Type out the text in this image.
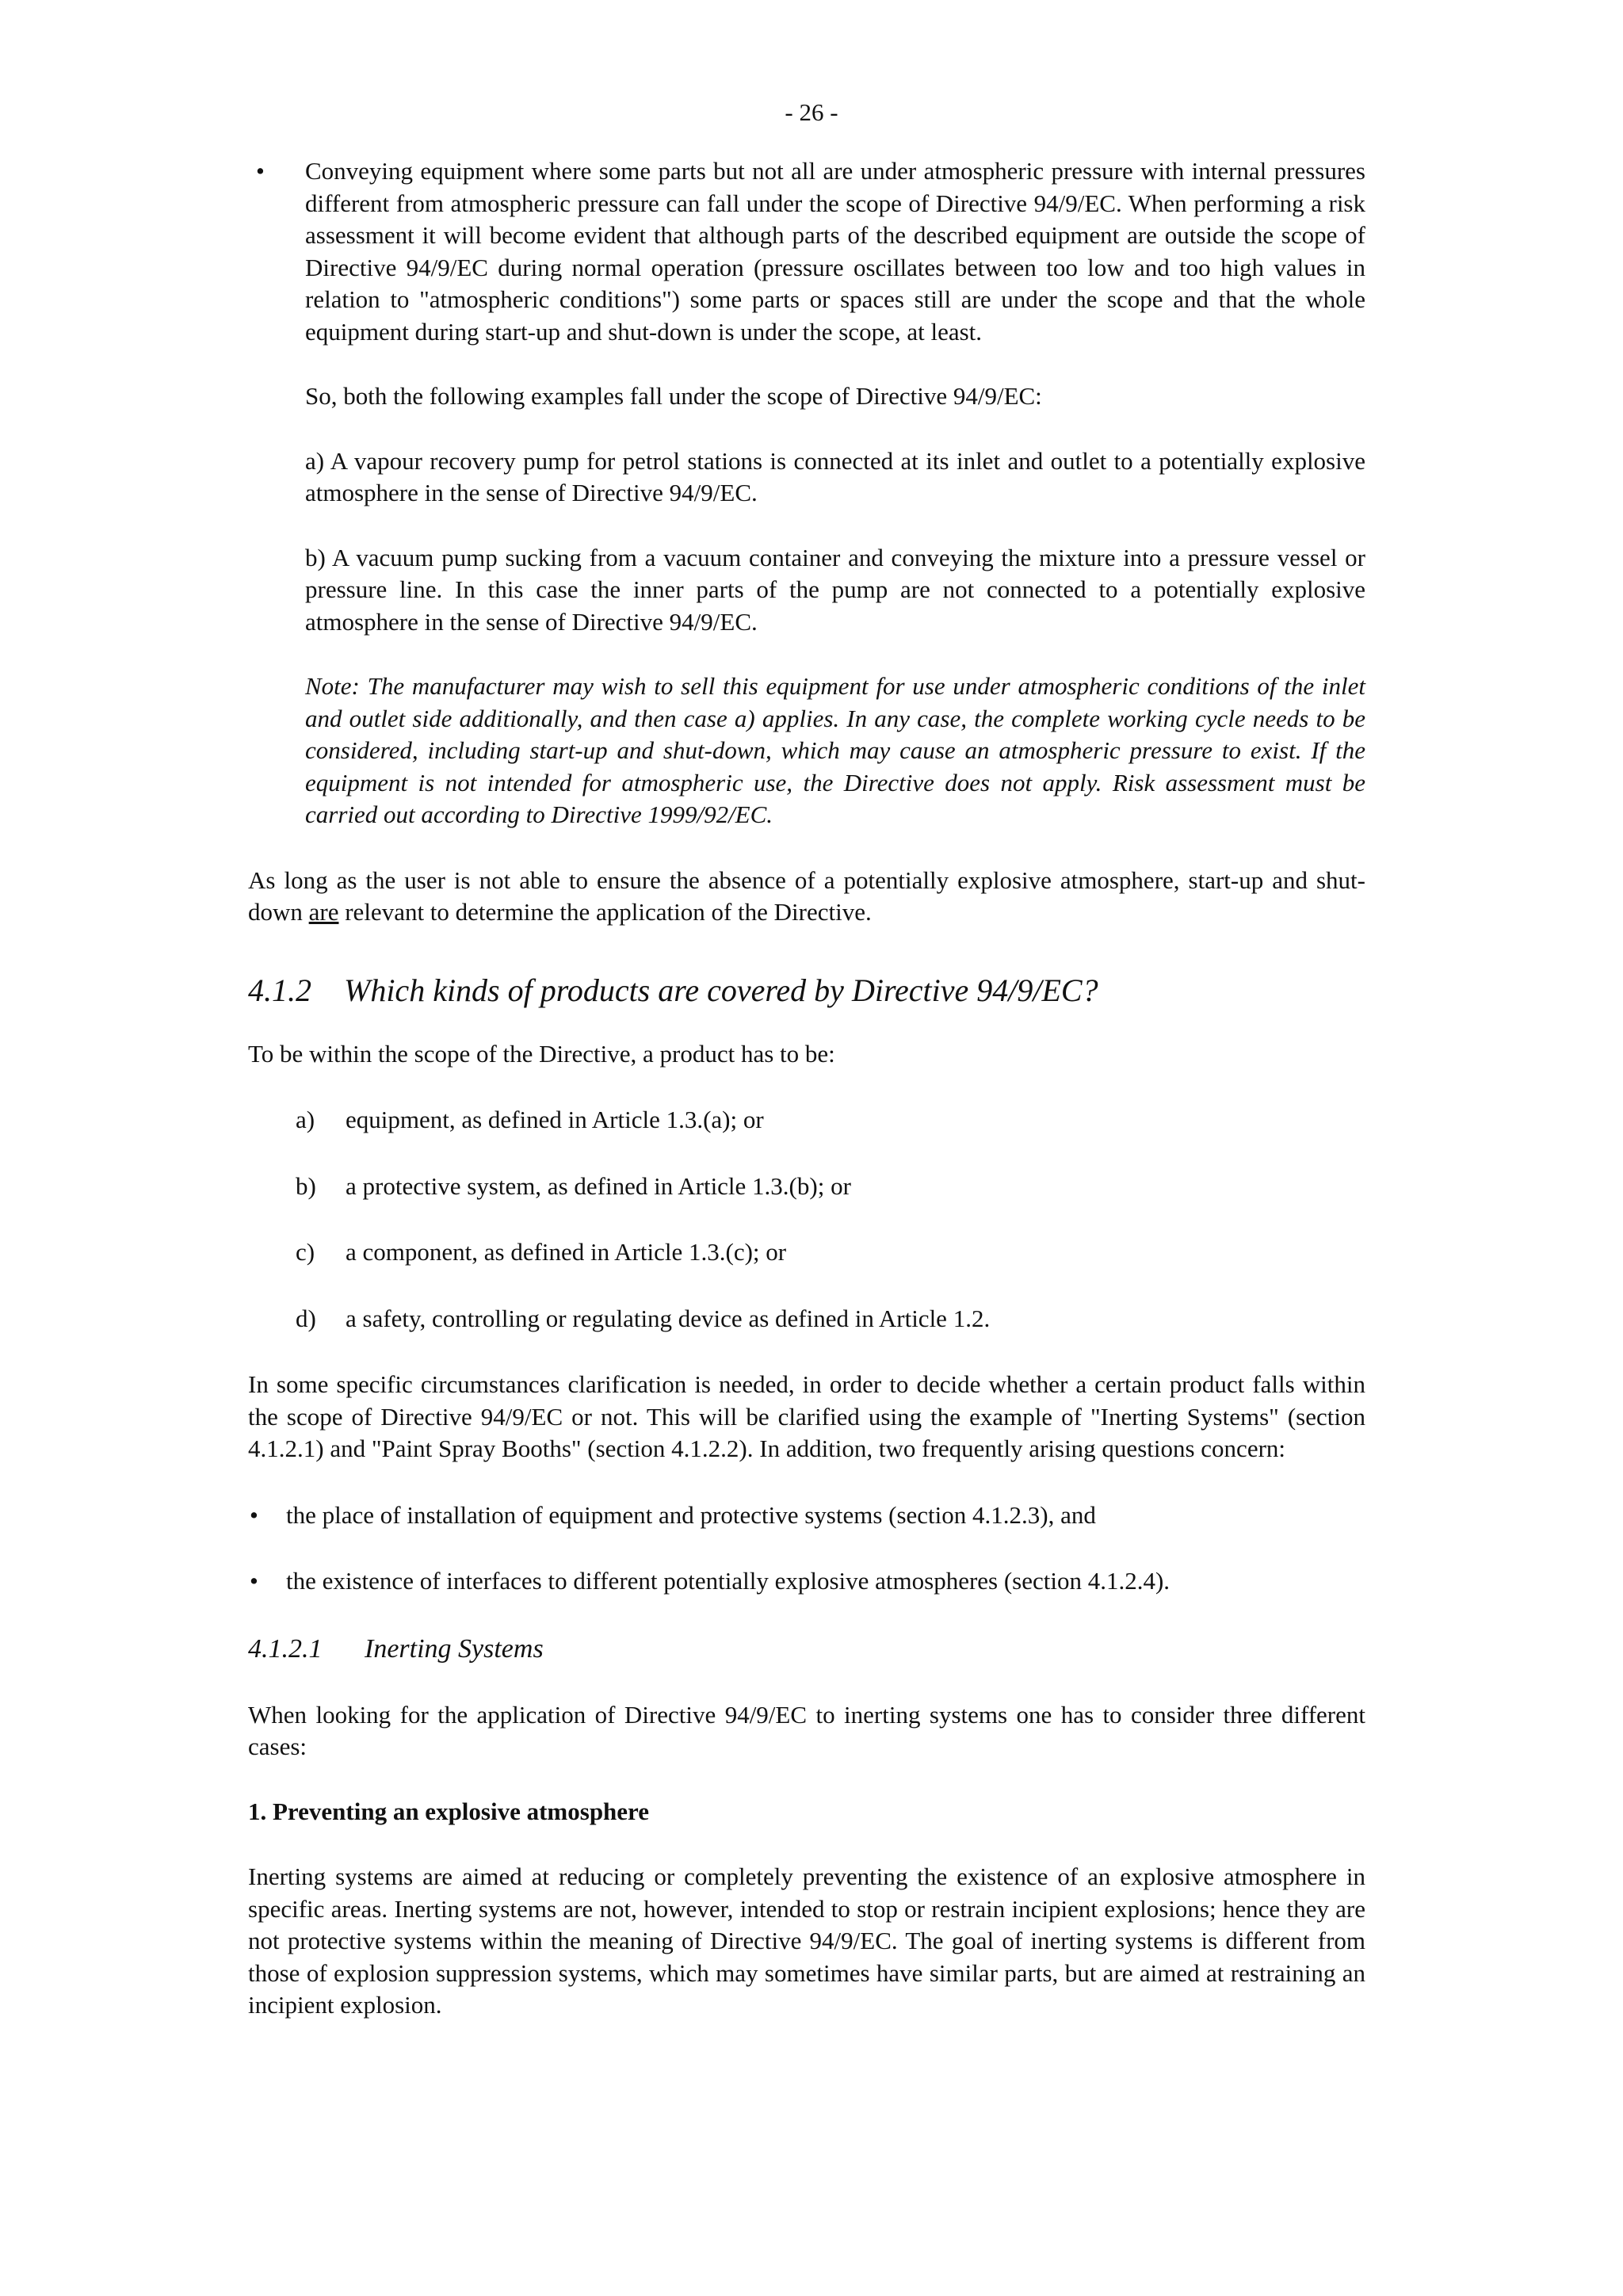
- 26 -
• Conveying equipment where some parts but not all are under atmospheric pressure with internal pressures different from atmospheric pressure can fall under the scope of Directive 94/9/EC. When performing a risk assessment it will become evident that although parts of the described equipment are outside the scope of Directive 94/9/EC during normal operation (pressure oscillates between too low and too high values in relation to "atmospheric conditions") some parts or spaces still are under the scope and that the whole equipment during start-up and shut-down is under the scope, at least.

So, both the following examples fall under the scope of Directive 94/9/EC:

a) A vapour recovery pump for petrol stations is connected at its inlet and outlet to a potentially explosive atmosphere in the sense of Directive 94/9/EC.

b) A vacuum pump sucking from a vacuum container and conveying the mixture into a pressure vessel or pressure line. In this case the inner parts of the pump are not connected to a potentially explosive atmosphere in the sense of Directive 94/9/EC.

Note: The manufacturer may wish to sell this equipment for use under atmospheric conditions of the inlet and outlet side additionally, and then case a) applies. In any case, the complete working cycle needs to be considered, including start-up and shut-down, which may cause an atmospheric pressure to exist. If the equipment is not intended for atmospheric use, the Directive does not apply. Risk assessment must be carried out according to Directive 1999/92/EC.

As long as the user is not able to ensure the absence of a potentially explosive atmosphere, start-up and shut-down are relevant to determine the application of the Directive.

4.1.2 Which kinds of products are covered by Directive 94/9/EC?

To be within the scope of the Directive, a product has to be:

a) equipment, as defined in Article 1.3.(a); or
b) a protective system, as defined in Article 1.3.(b); or
c) a component, as defined in Article 1.3.(c); or
d) a safety, controlling or regulating device as defined in Article 1.2.

In some specific circumstances clarification is needed, in order to decide whether a certain product falls within the scope of Directive 94/9/EC or not. This will be clarified using the example of "Inerting Systems" (section 4.1.2.1) and "Paint Spray Booths" (section 4.1.2.2). In addition, two frequently arising questions concern:

• the place of installation of equipment and protective systems (section 4.1.2.3), and
• the existence of interfaces to different potentially explosive atmospheres (section 4.1.2.4).
4.1.2.1 Inerting Systems

When looking for the application of Directive 94/9/EC to inerting systems one has to consider three different cases:

1. Preventing an explosive atmosphere

Inerting systems are aimed at reducing or completely preventing the existence of an explosive atmosphere in specific areas. Inerting systems are not, however, intended to stop or restrain incipient explosions; hence they are not protective systems within the meaning of Directive 94/9/EC. The goal of inerting systems is different from those of explosion suppression systems, which may sometimes have similar parts, but are aimed at restraining an incipient explosion.
